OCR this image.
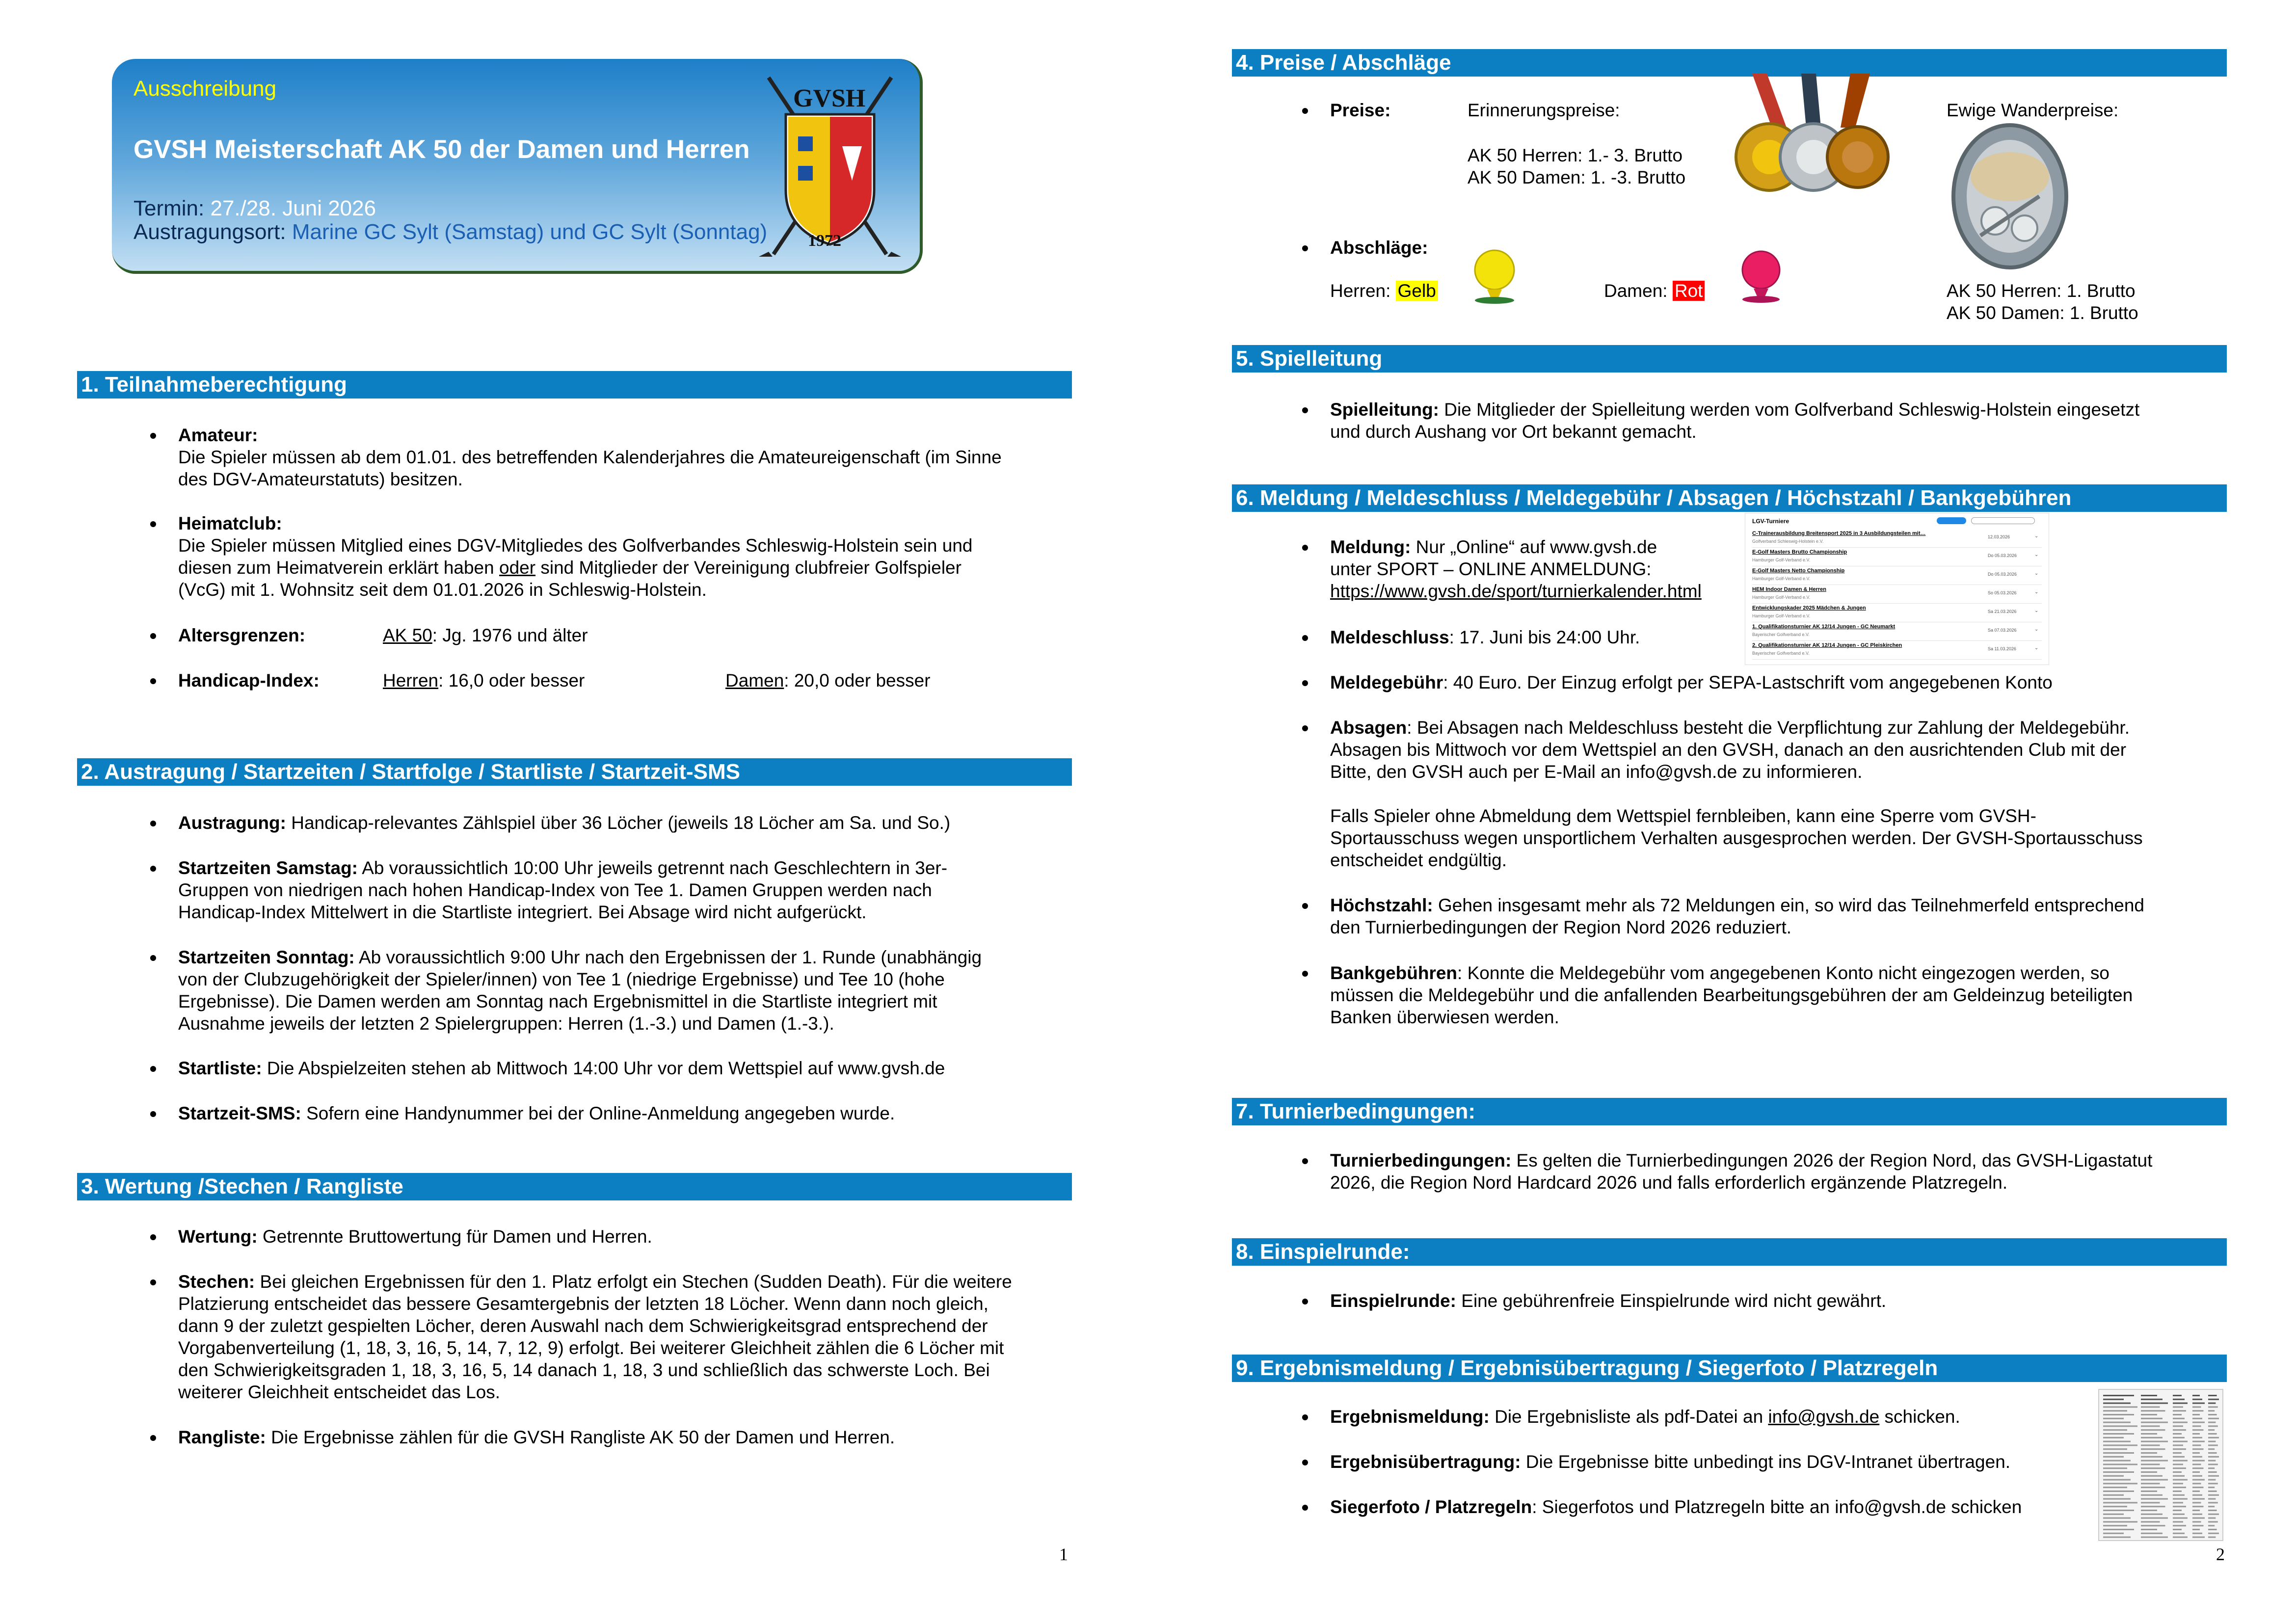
Ausschreibung
GVSH Meisterschaft AK 50 der Damen und Herren
Termin: 27./28. Juni 2026
Austragungsort: Marine GC Sylt (Samstag) und GC Sylt (Sonntag)
GVSH
1972
1. Teilnahmeberechtigung
Amateur:
Die Spieler müssen ab dem 01.01. des betreffenden Kalenderjahres die Amateureigenschaft (im Sinne
des DGV-Amateurstatuts) besitzen.
Heimatclub:
Die Spieler müssen Mitglied eines DGV-Mitgliedes des Golfverbandes Schleswig-Holstein sein und
diesen zum Heimatverein erklärt haben oder sind Mitglieder der Vereinigung clubfreier Golfspieler
(VcG) mit 1. Wohnsitz seit dem 01.01.2026 in Schleswig-Holstein.
Altersgrenzen:	AK 50: Jg. 1976 und älter
Handicap-Index:	Herren: 16,0 oder besser	Damen: 20,0 oder besser
2. Austragung / Startzeiten / Startfolge / Startliste / Startzeit-SMS
Austragung: Handicap-relevantes Zählspiel über 36 Löcher (jeweils 18 Löcher am Sa. und So.)
Startzeiten Samstag: Ab voraussichtlich 10:00 Uhr jeweils getrennt nach Geschlechtern in 3er-
Gruppen von niedrigen nach hohen Handicap-Index von Tee 1. Damen Gruppen werden nach
Handicap-Index Mittelwert in die Startliste integriert. Bei Absage wird nicht aufgerückt.
Startzeiten Sonntag: Ab voraussichtlich 9:00 Uhr nach den Ergebnissen der 1. Runde (unabhängig
von der Clubzugehörigkeit der Spieler/innen) von Tee 1 (niedrige Ergebnisse) und Tee 10 (hohe
Ergebnisse). Die Damen werden am Sonntag nach Ergebnismittel in die Startliste integriert mit
Ausnahme jeweils der letzten 2 Spielergruppen: Herren (1.-3.) und Damen (1.-3.).
Startliste: Die Abspielzeiten stehen ab Mittwoch 14:00 Uhr vor dem Wettspiel auf www.gvsh.de
Startzeit-SMS: Sofern eine Handynummer bei der Online-Anmeldung angegeben wurde.
3. Wertung /Stechen / Rangliste
Wertung: Getrennte Bruttowertung für Damen und Herren.
Stechen: Bei gleichen Ergebnissen für den 1. Platz erfolgt ein Stechen (Sudden Death). Für die weitere
Platzierung entscheidet das bessere Gesamtergebnis der letzten 18 Löcher. Wenn dann noch gleich,
dann 9 der zuletzt gespielten Löcher, deren Auswahl nach dem Schwierigkeitsgrad entsprechend der
Vorgabenverteilung (1, 18, 3, 16, 5, 14, 7, 12, 9) erfolgt. Bei weiterer Gleichheit zählen die 6 Löcher mit
den Schwierigkeitsgraden 1, 18, 3, 16, 5, 14 danach 1, 18, 3 und schließlich das schwerste Loch. Bei
weiterer Gleichheit entscheidet das Los.
Rangliste: Die Ergebnisse zählen für die GVSH Rangliste AK 50 der Damen und Herren.
1
4. Preise / Abschläge
Preise:	Erinnerungspreise:
AK 50 Herren: 1.- 3. Brutto
AK 50 Damen: 1. -3. Brutto
Ewige Wanderpreise:
Abschläge:
Herren: Gelb	Damen: Rot	AK 50 Herren: 1. Brutto
AK 50 Damen: 1. Brutto
5. Spielleitung
Spielleitung: Die Mitglieder der Spielleitung werden vom Golfverband Schleswig-Holstein eingesetzt
und durch Aushang vor Ort bekannt gemacht.
6. Meldung / Meldeschluss / Meldegebühr / Absagen / Höchstzahl / Bankgebühren
Meldung: Nur „Online“ auf www.gvsh.de
unter SPORT – ONLINE ANMELDUNG:
https://www.gvsh.de/sport/turnierkalender.html
LGV-Turniere
C-Trainerausbildung Breitensport 2025 in 3 Ausbildungsteilen mit…
Golfverband Schleswig-Holstein e.V.
12.03.2026	⌄
E-Golf Masters Brutto Championship
Hamburger Golf-Verband e.V.
Do 05.03.2026	⌄
E-Golf Masters Netto Championship
Hamburger Golf-Verband e.V.
Do 05.03.2026	⌄
HEM Indoor Damen & Herren
Hamburger Golf-Verband e.V.
So 05.03.2026	⌄
Entwicklungskader 2025 Mädchen & Jungen
Hamburger Golf-Verband e.V.
Sa 21.03.2026	⌄
1. Qualifikationsturnier AK 12/14 Jungen - GC Neumarkt
Bayerischer Golfverband e.V.
Sa 07.03.2026	⌄
2. Qualifikationsturnier AK 12/14 Jungen - GC Pleiskirchen
Bayerischer Golfverband e.V.
Sa 11.03.2026	⌄
Meldeschluss: 17. Juni bis 24:00 Uhr.
Meldegebühr: 40 Euro. Der Einzug erfolgt per SEPA-Lastschrift vom angegebenen Konto
Absagen: Bei Absagen nach Meldeschluss besteht die Verpflichtung zur Zahlung der Meldegebühr.
Absagen bis Mittwoch vor dem Wettspiel an den GVSH, danach an den ausrichtenden Club mit der
Bitte, den GVSH auch per E-Mail an info@gvsh.de zu informieren.
Falls Spieler ohne Abmeldung dem Wettspiel fernbleiben, kann eine Sperre vom GVSH-
Sportausschuss wegen unsportlichem Verhalten ausgesprochen werden. Der GVSH-Sportausschuss
entscheidet endgültig.
Höchstzahl: Gehen insgesamt mehr als 72 Meldungen ein, so wird das Teilnehmerfeld entsprechend
den Turnierbedingungen der Region Nord 2026 reduziert.
Bankgebühren: Konnte die Meldegebühr vom angegebenen Konto nicht eingezogen werden, so
müssen die Meldegebühr und die anfallenden Bearbeitungsgebühren der am Geldeinzug beteiligten
Banken überwiesen werden.
7. Turnierbedingungen:
Turnierbedingungen: Es gelten die Turnierbedingungen 2026 der Region Nord, das GVSH-Ligastatut
2026, die Region Nord Hardcard 2026 und falls erforderlich ergänzende Platzregeln.
8. Einspielrunde:
Einspielrunde: Eine gebührenfreie Einspielrunde wird nicht gewährt.
9. Ergebnismeldung / Ergebnisübertragung / Siegerfoto / Platzregeln
Ergebnismeldung: Die Ergebnisliste als pdf-Datei an info@gvsh.de schicken.
Ergebnisübertragung: Die Ergebnisse bitte unbedingt ins DGV-Intranet übertragen.
Siegerfoto / Platzregeln: Siegerfotos und Platzregeln bitte an info@gvsh.de schicken
2
